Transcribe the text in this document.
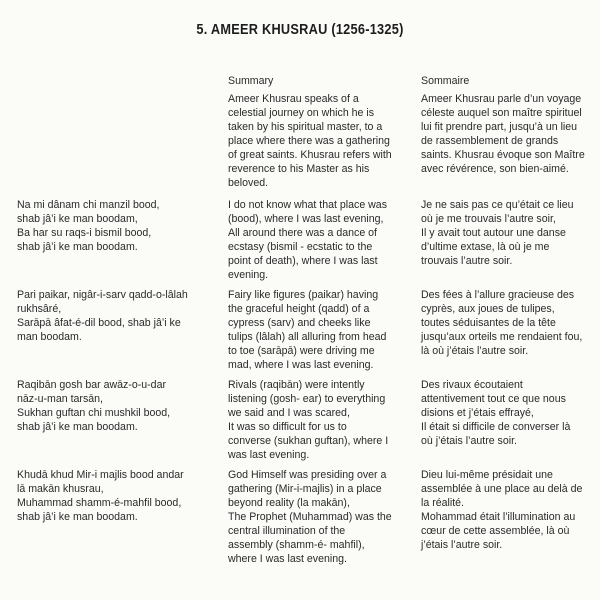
5. AMEER KHUSRAU (1256-1325)
Summary	Sommaire
Ameer Khusrau speaks of a
celestial journey on which he is
taken by his spiritual master, to a
place where there was a gathering
of great saints. Khusrau refers with
reverence to his Master as his
beloved.
Ameer Khusrau parle d’un voyage
céleste auquel son maître spirituel
lui fit prendre part, jusqu’à un lieu
de rassemblement de grands
saints. Khusrau évoque son Maître
avec révérence, son bien-aimé.
Na mi dânam chi manzil bood,
shab jâ’i ke man boodam,
Ba har su raqs-i bismil bood,
shab jâ’i ke man boodam.
I do not know what that place was
(bood), where I was last evening,
All around there was a dance of
ecstasy (bismil - ecstatic to the
point of death), where I was last
evening.
Je ne sais pas ce qu’était ce lieu
où je me trouvais l’autre soir,
Il y avait tout autour une danse
d’ultime extase, là où je me
trouvais l’autre soir.
Pari paikar, nigâr-i-sarv qadd-o-lâlah
rukhsâré,
Sarāpā âfat-é-dil bood, shab jâ’i ke
man boodam.
Fairy like figures (paikar) having
the graceful height (qadd) of a
cypress (sarv) and cheeks like
tulips (lâlah) all alluring from head
to toe (sarāpā) were driving me
mad, where I was last evening.
Des fées à l’allure gracieuse des
cyprès, aux joues de tulipes,
toutes séduisantes de la tête
jusqu’aux orteils me rendaient fou,
là où j’étais l’autre soir.
Raqibān gosh bar awāz-o-u-dar
nāz-u-man tarsān,
Sukhan guftan chi mushkil bood,
shab jâ’i ke man boodam.
Rivals (raqibān) were intently
listening (gosh- ear) to everything
we said and I was scared,
It was so difficult for us to
converse (sukhan guftan), where I
was last evening.
Des rivaux écoutaient
attentivement tout ce que nous
disions et j’étais effrayé,
Il était si difficile de converser là
où j’étais l’autre soir.
Khudā khud Mir-i majlis bood andar
lā makān khusrau,
Muhammad shamm-é-mahfil bood,
shab jâ’i ke man boodam.
God Himself was presiding over a
gathering (Mir-i-majlis) in a place
beyond reality (la makān),
The Prophet (Muhammad) was the
central illumination of the
assembly (shamm-é- mahfil),
where I was last evening.
Dieu lui-même présidait une
assemblée à une place au delà de
la réalité.
Mohammad était l’illumination au
cœur de cette assemblée, là où
j’étais l’autre soir.
